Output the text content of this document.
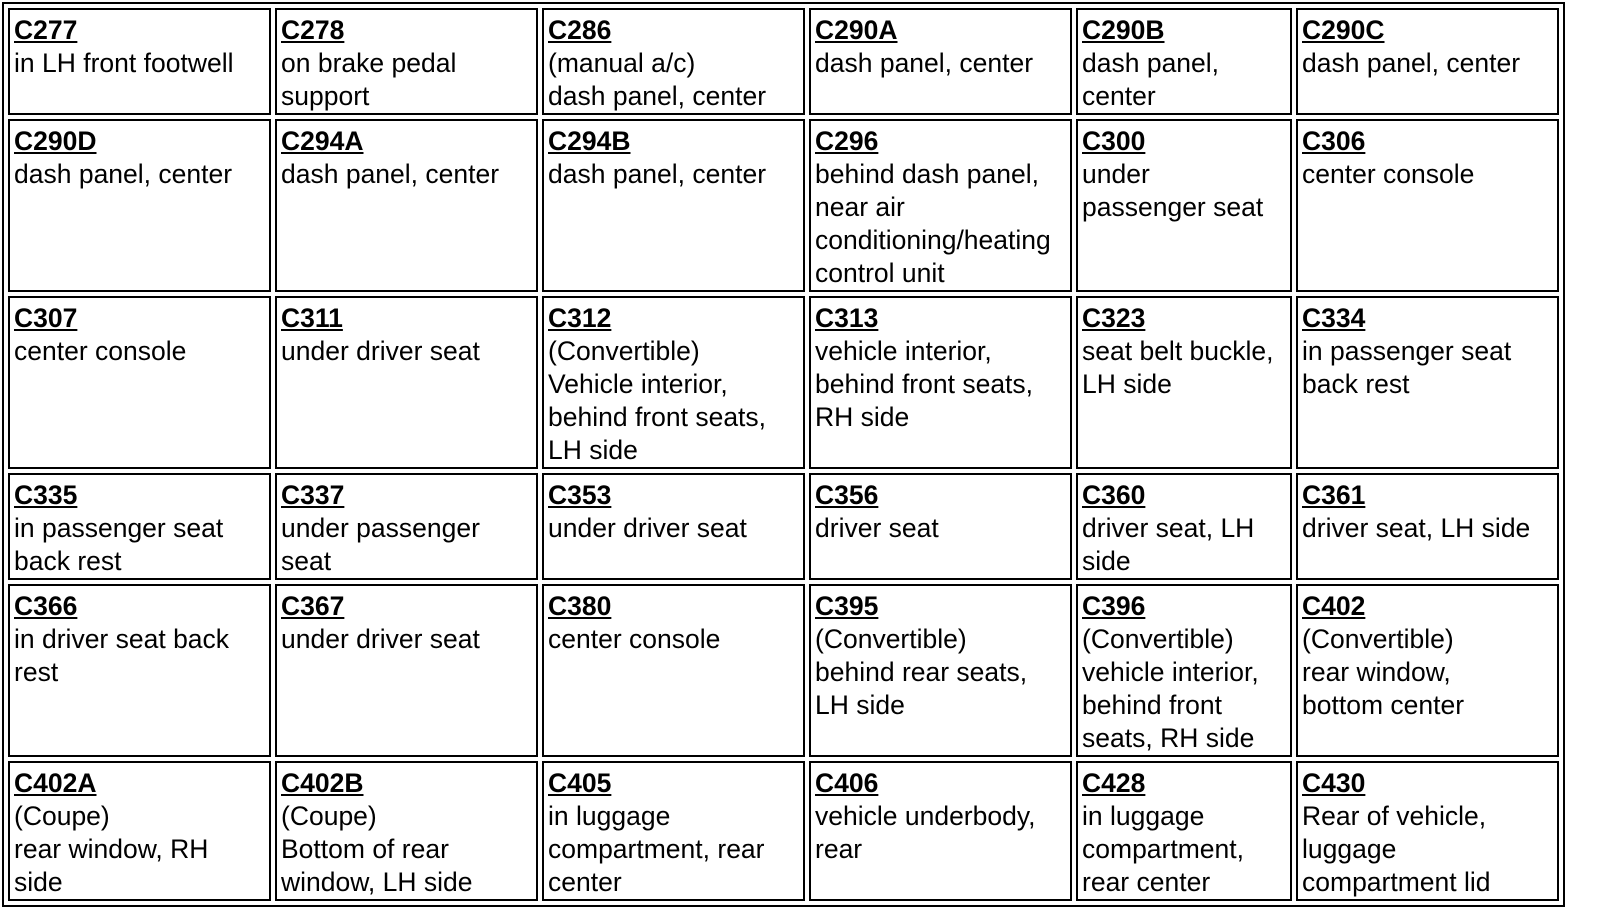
C277
in LH front footwell	C278
on brake pedal
support	C286
(manual a/c)
dash panel, center	C290A
dash panel, center	C290B
dash panel,
center	C290C
dash panel, center

C290D
dash panel, center	C294A
dash panel, center	C294B
dash panel, center	C296
behind dash panel,
near air
conditioning/heating
control unit	C300
under
passenger seat	C306
center console

C307
center console	C311
under driver seat	C312
(Convertible)
Vehicle interior,
behind front seats,
LH side	C313
vehicle interior,
behind front seats,
RH side	C323
seat belt buckle,
LH side	C334
in passenger seat
back rest

C335
in passenger seat
back rest	C337
under passenger
seat	C353
under driver seat	C356
driver seat	C360
driver seat, LH
side	C361
driver seat, LH side

C366
in driver seat back
rest	C367
under driver seat	C380
center console	C395
(Convertible)
behind rear seats,
LH side	C396
(Convertible)
vehicle interior,
behind front
seats, RH side	C402
(Convertible)
rear window,
bottom center

C402A
(Coupe)
rear window, RH
side	C402B
(Coupe)
Bottom of rear
window, LH side	C405
in luggage
compartment, rear
center	C406
vehicle underbody,
rear	C428
in luggage
compartment,
rear center	C430
Rear of vehicle,
luggage
compartment lid
